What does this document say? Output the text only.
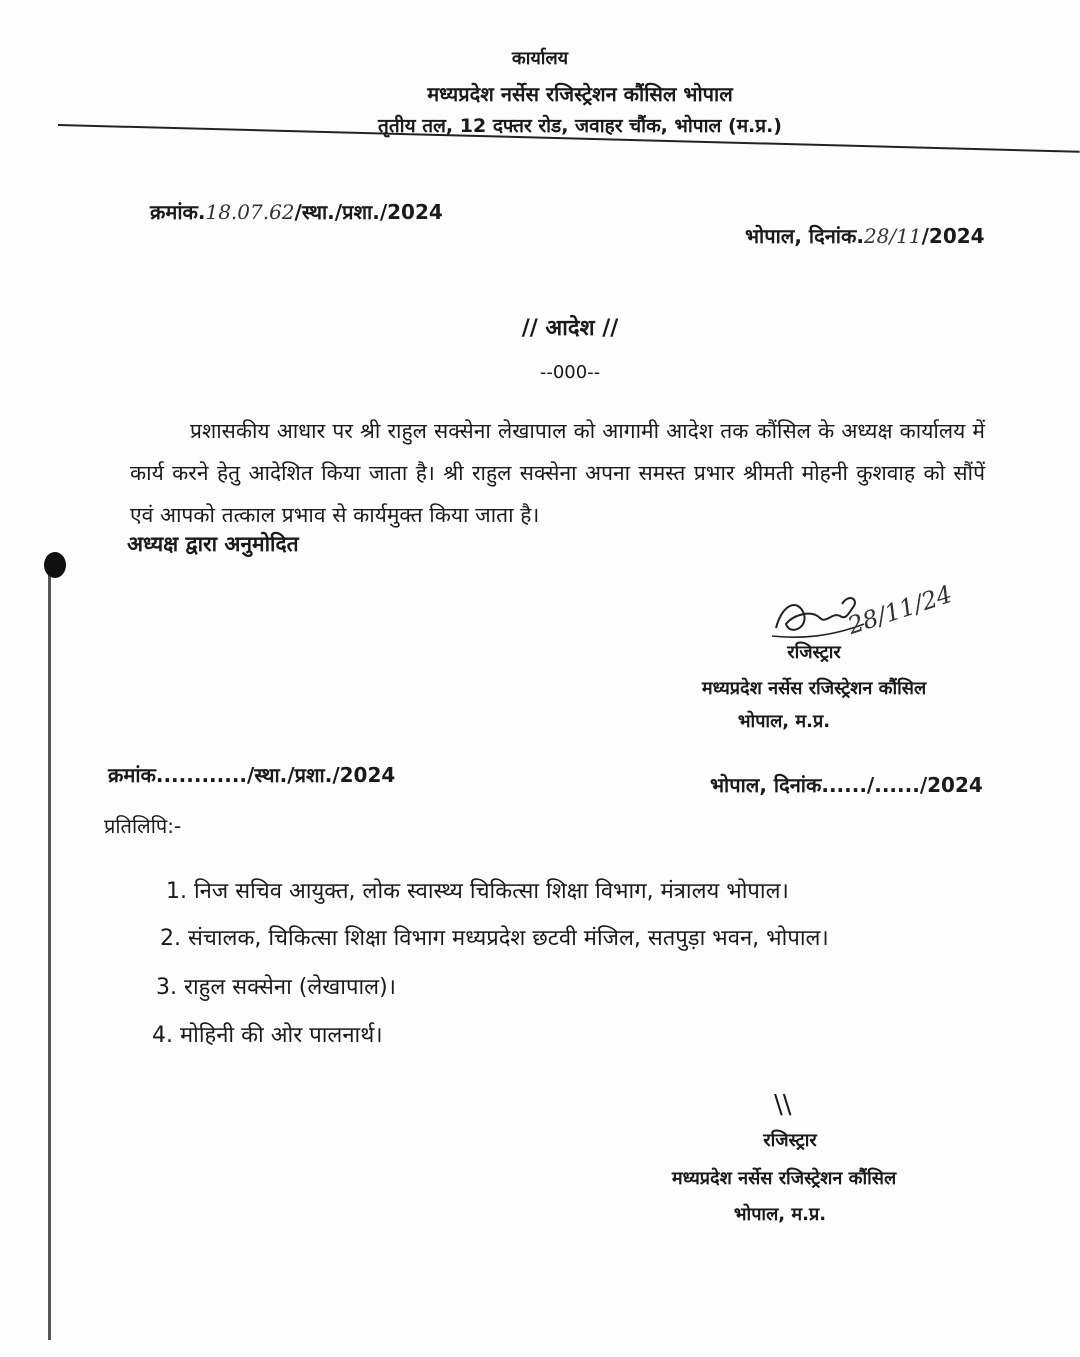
कार्यालय
मध्यप्रदेश नर्सेस रजिस्ट्रेशन कौंसिल भोपाल
तृतीय तल, 12 दफ्तर रोड, जवाहर चौंक, भोपाल (म.प्र.)
क्रमांक.18.07.62/स्था./प्रशा./2024
भोपाल, दिनांक.28/11/2024
// आदेश //
--000--
प्रशासकीय आधार पर श्री राहुल सक्सेना लेखापाल को आगामी आदेश तक कौंसिल के अध्यक्ष कार्यालय में कार्य करने हेतु आदेशित किया जाता है। श्री राहुल सक्सेना अपना समस्त प्रभार श्रीमती मोहनी कुशवाह को सौंपें एवं आपको तत्काल प्रभाव से कार्यमुक्त किया जाता है।
अध्यक्ष द्वारा अनुमोदित
28/11/24
रजिस्ट्रार
मध्यप्रदेश नर्सेस रजिस्ट्रेशन कौंसिल
भोपाल, म.प्र.
क्रमांक............/स्था./प्रशा./2024	भोपाल, दिनांक....../....../2024
प्रतिलिपि:-
1. निज सचिव आयुक्त, लोक स्वास्थ्य चिकित्सा शिक्षा विभाग, मंत्रालय भोपाल।
2. संचालक, चिकित्सा शिक्षा विभाग मध्यप्रदेश छटवी मंजिल, सतपुड़ा भवन, भोपाल।
3. राहुल सक्सेना (लेखापाल)।
4. मोहिनी की ओर पालनार्थ।
\\
रजिस्ट्रार
मध्यप्रदेश नर्सेस रजिस्ट्रेशन कौंसिल
भोपाल, म.प्र.
